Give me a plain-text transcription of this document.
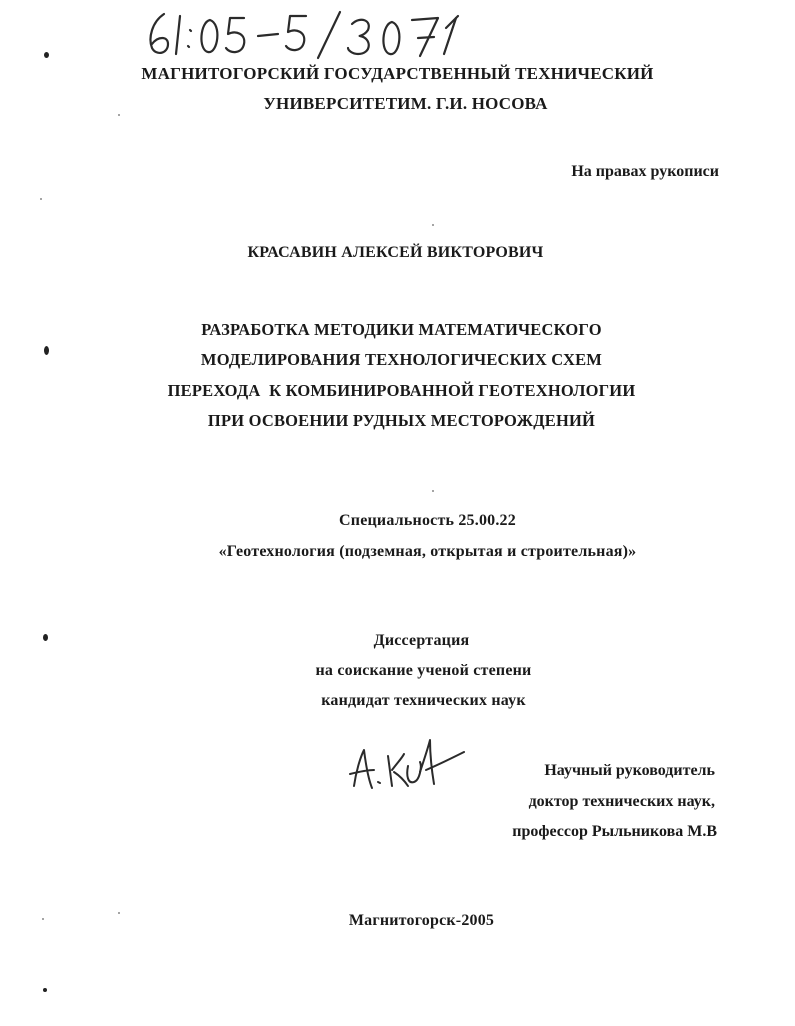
МАГНИТОГОРСКИЙ ГОСУДАРСТВЕННЫЙ ТЕХНИЧЕСКИЙ
УНИВЕРСИТЕТИМ. Г.И. НОСОВА
На правах рукописи
КРАСАВИН АЛЕКСЕЙ ВИКТОРОВИЧ
РАЗРАБОТКА МЕТОДИКИ МАТЕМАТИЧЕСКОГО
МОДЕЛИРОВАНИЯ ТЕХНОЛОГИЧЕСКИХ СХЕМ
ПЕРЕХОДА  К КОМБИНИРОВАННОЙ ГЕОТЕХНОЛОГИИ
ПРИ ОСВОЕНИИ РУДНЫХ МЕСТОРОЖДЕНИЙ
Специальность 25.00.22
«Геотехнология (подземная, открытая и строительная)»
Диссертация
на соискание ученой степени
кандидат технических наук
Научный руководитель
доктор технических наук,
профессор Рыльникова М.В
Магнитогорск-2005
